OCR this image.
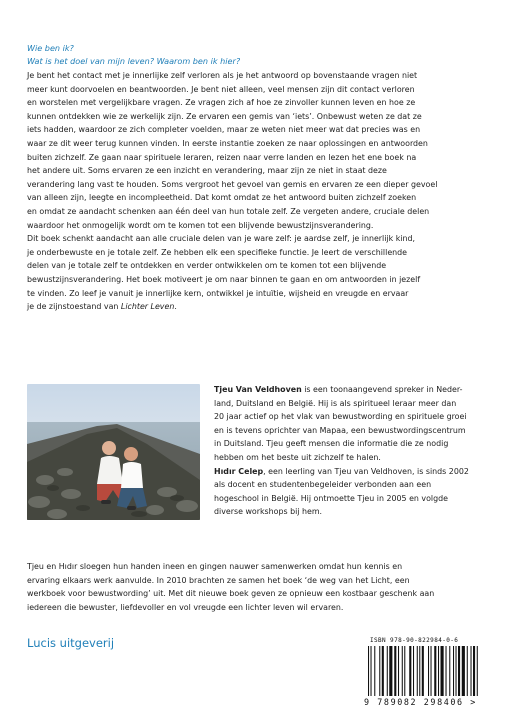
Wie ben ik?
Wat is het doel van mijn leven? Waarom ben ik hier?

Je bent het contact met je innerlijke zelf verloren als je het antwoord op bovenstaande vragen niet
meer kunt doorvoelen en beantwoorden. Je bent niet alleen, veel mensen zijn dit contact verloren
en worstelen met vergelijkbare vragen. Ze vragen zich af hoe ze zinvoller kunnen leven en hoe ze
kunnen ontdekken wie ze werkelijk zijn. Ze ervaren een gemis van ‘iets’. Onbewust weten ze dat ze
iets hadden, waardoor ze zich completer voelden, maar ze weten niet meer wat dat precies was en
waar ze dit weer terug kunnen vinden. In eerste instantie zoeken ze naar oplossingen en antwoorden
buiten zichzelf. Ze gaan naar spirituele leraren, reizen naar verre landen en lezen het ene boek na
het andere uit. Soms ervaren ze een inzicht en verandering, maar zijn ze niet in staat deze
verandering lang vast te houden. Soms vergroot het gevoel van gemis en ervaren ze een dieper gevoel
van alleen zijn, leegte en incompleetheid. Dat komt omdat ze het antwoord buiten zichzelf zoeken
en omdat ze aandacht schenken aan één deel van hun totale zelf. Ze vergeten andere, cruciale delen
waardoor het onmogelijk wordt om te komen tot een blijvende bewustzijnsverandering.

Dit boek schenkt aandacht aan alle cruciale delen van je ware zelf: je aardse zelf, je innerlijk kind,
je onderbewuste en je totale zelf. Ze hebben elk een specifieke functie. Je leert de verschillende
delen van je totale zelf te ontdekken en verder ontwikkelen om te komen tot een blijvende
bewustzijnsverandering. Het boek motiveert je om naar binnen te gaan en om antwoorden in jezelf
te vinden. Zo leef je vanuit je innerlijke kern, ontwikkel je intuïtie, wijsheid en vreugde en ervaar
je de zijnstoestand van Lichter Leven.

Tjeu Van Veldhoven is een toonaangevend spreker in Neder-
land, Duitsland en België. Hij is als spiritueel leraar meer dan
20 jaar actief op het vlak van bewustwording en spirituele groei
en is tevens oprichter van Mapaa, een bewustwordingscentrum
in Duitsland. Tjeu geeft mensen die informatie die ze nodig
hebben om het beste uit zichzelf te halen.

Hıdır Celep, een leerling van Tjeu van Veldhoven, is sinds 2002
als docent en studentenbegeleider verbonden aan een
hogeschool in België. Hij ontmoette Tjeu in 2005 en volgde
diverse workshops bij hem.

Tjeu en Hıdır sloegen hun handen ineen en gingen nauwer samenwerken omdat hun kennis en
ervaring elkaars werk aanvulde. In 2010 brachten ze samen het boek ‘de weg van het Licht, een
werkboek voor bewustwording’ uit. Met dit nieuwe boek geven ze opnieuw een kostbaar geschenk aan
iedereen die bewuster, liefdevoller en vol vreugde een lichter leven wil ervaren.

Lucis uitgeverij	ISBN 978-90-822984-0-6
9 789082 298406 >
